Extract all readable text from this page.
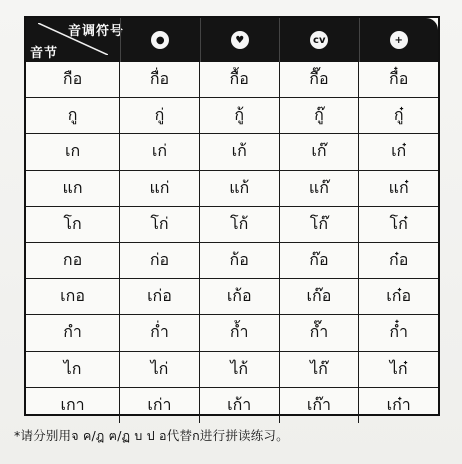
音调符号
音节
●	♥	cv	+
กือ	กื่อ	กื้อ	กื๊อ	กื๋อ
กู	กู่	กู้	กู๊	กู๋
เก	เก่	เก้	เก๊	เก๋
แก	แก่	แก้	แก๊	แก๋
โก	โก่	โก้	โก๊	โก๋
กอ	ก่อ	ก้อ	ก๊อ	ก๋อ
เกอ	เก่อ	เก้อ	เก๊อ	เก๋อ
กำ	ก่ำ	ก้ำ	ก๊ำ	ก๋ำ
ไก	ไก่	ไก้	ไก๊	ไก๋
เกา	เก่า	เก้า	เก๊า	เก๋า
*请分别用จ ค/ฎ ฅ/ฏ บ ป อ代替ก进行拼读练习。
